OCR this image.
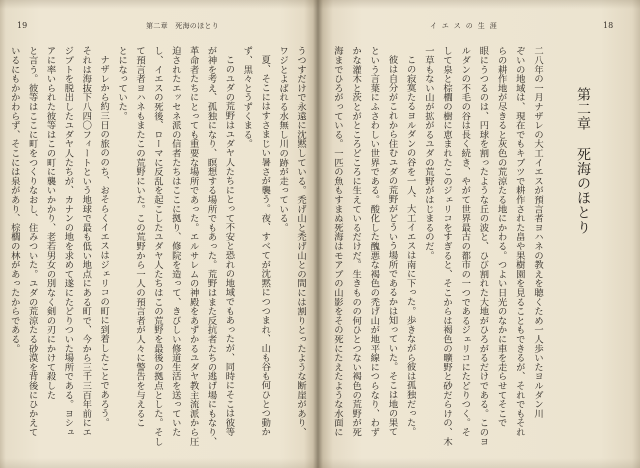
19	第二章　死海のほとり
うつすだけで永遠に沈黙している。禿げ山と禿げ山との間には割りとったような断崖があり、
ワジとよばれる水無し川の跡が走っている。
夏、そこにはすさまじい暑さが襲う。夜、すべてが沈黙につつまれ、山も谷も何ひとつ動か
ず、黒々とうずくまる。
このユダの荒野はユダヤ人たちにとって不安と恐れの地域でもあったが、同時にそこは彼等
が神を考え、孤独になり、瞑想する場所でもあった。荒野はまた反抗者たちの逃げ場にもなり、
革命者たちにとっても重要な場所であった。エルサレムの神殿をあずかるユダヤ教主流派から圧
迫されたエッセネ派の信者たちはここに拠り、修院を造って、きびしい修道生活を送っていた
し、イエスの死後、ローマに反乱を起こしたユダヤ人たちはこの荒野を最後の拠点とした。そし
て預言者ヨハネもまたこの荒野にいた。この荒野から一人の預言者が人々に警告を与えるこ
とになっていた。
ナザレから約三日の旅ののち、おそらくイエスはジェリコの町に到着したことであろう。
それは海抜下八四〇フィートという地球で最も低い地点にある町で、今から三千三百年前にエ
ジプトを脱出したユダヤ人たちが、カナンの地を求めて遂にたどりついた場所である。ヨシュ
アに率いられた彼等はこの町に襲いかかり、老若男女の別なく剣の刃にかけて殺した
と言う。彼等はここに町をつくりなおし、住みついた。ユダの荒涼たる砂漠を背後にひかえて
いるにもかかわらず、そこには泉があり、棕櫚の林があったからである。
イエスの生涯	18
第二章死海のほとり
二八年の一月ナザレの大工イエスが預言者ヨハネの教えを聴くため一人歩いたヨルダン川
ぞいの地域は、現在でもキブツで耕作された畠や果樹園を見ることもできるが、それでもそれ
らの耕作地が尽きると灰色の荒涼たる地にかわる。つよい日光のなかに車を走らせてそこで
眼にうつるのは、円球を割ったような丘の波と、ひび割れた大地がひろがるだけである。このヨ
ルダンの不毛の谷は長く続き、やがて世界最古の都市の一つであるジェリコにたどりつく。そ
して泉と棕櫚の樹に恵まれたこのジェリコをすぎると、そこからは褐色の曠野と砂だらけの、木
一草もない山が拡がるユダの荒野がはじまるのだ。
この寂寞たるヨルダンの谷を一人、大工イエスは南に下った。歩きながら彼は孤独だった。
彼は自分がこれから住むユダの荒野がどういう場所であるかは知っていた。そこは地の果て
という言葉にふさわしい世界である。酸化した醜悪な褐色の禿げ山が地平線につらなり、わず
かな灌木と茨とがところどころに生えているだけだ。生きものの何ひとつない褐色の荒野が死
海までひろがっている。一匹の魚もすまぬ死海はモアブの山影をその死にたえたような水面に
